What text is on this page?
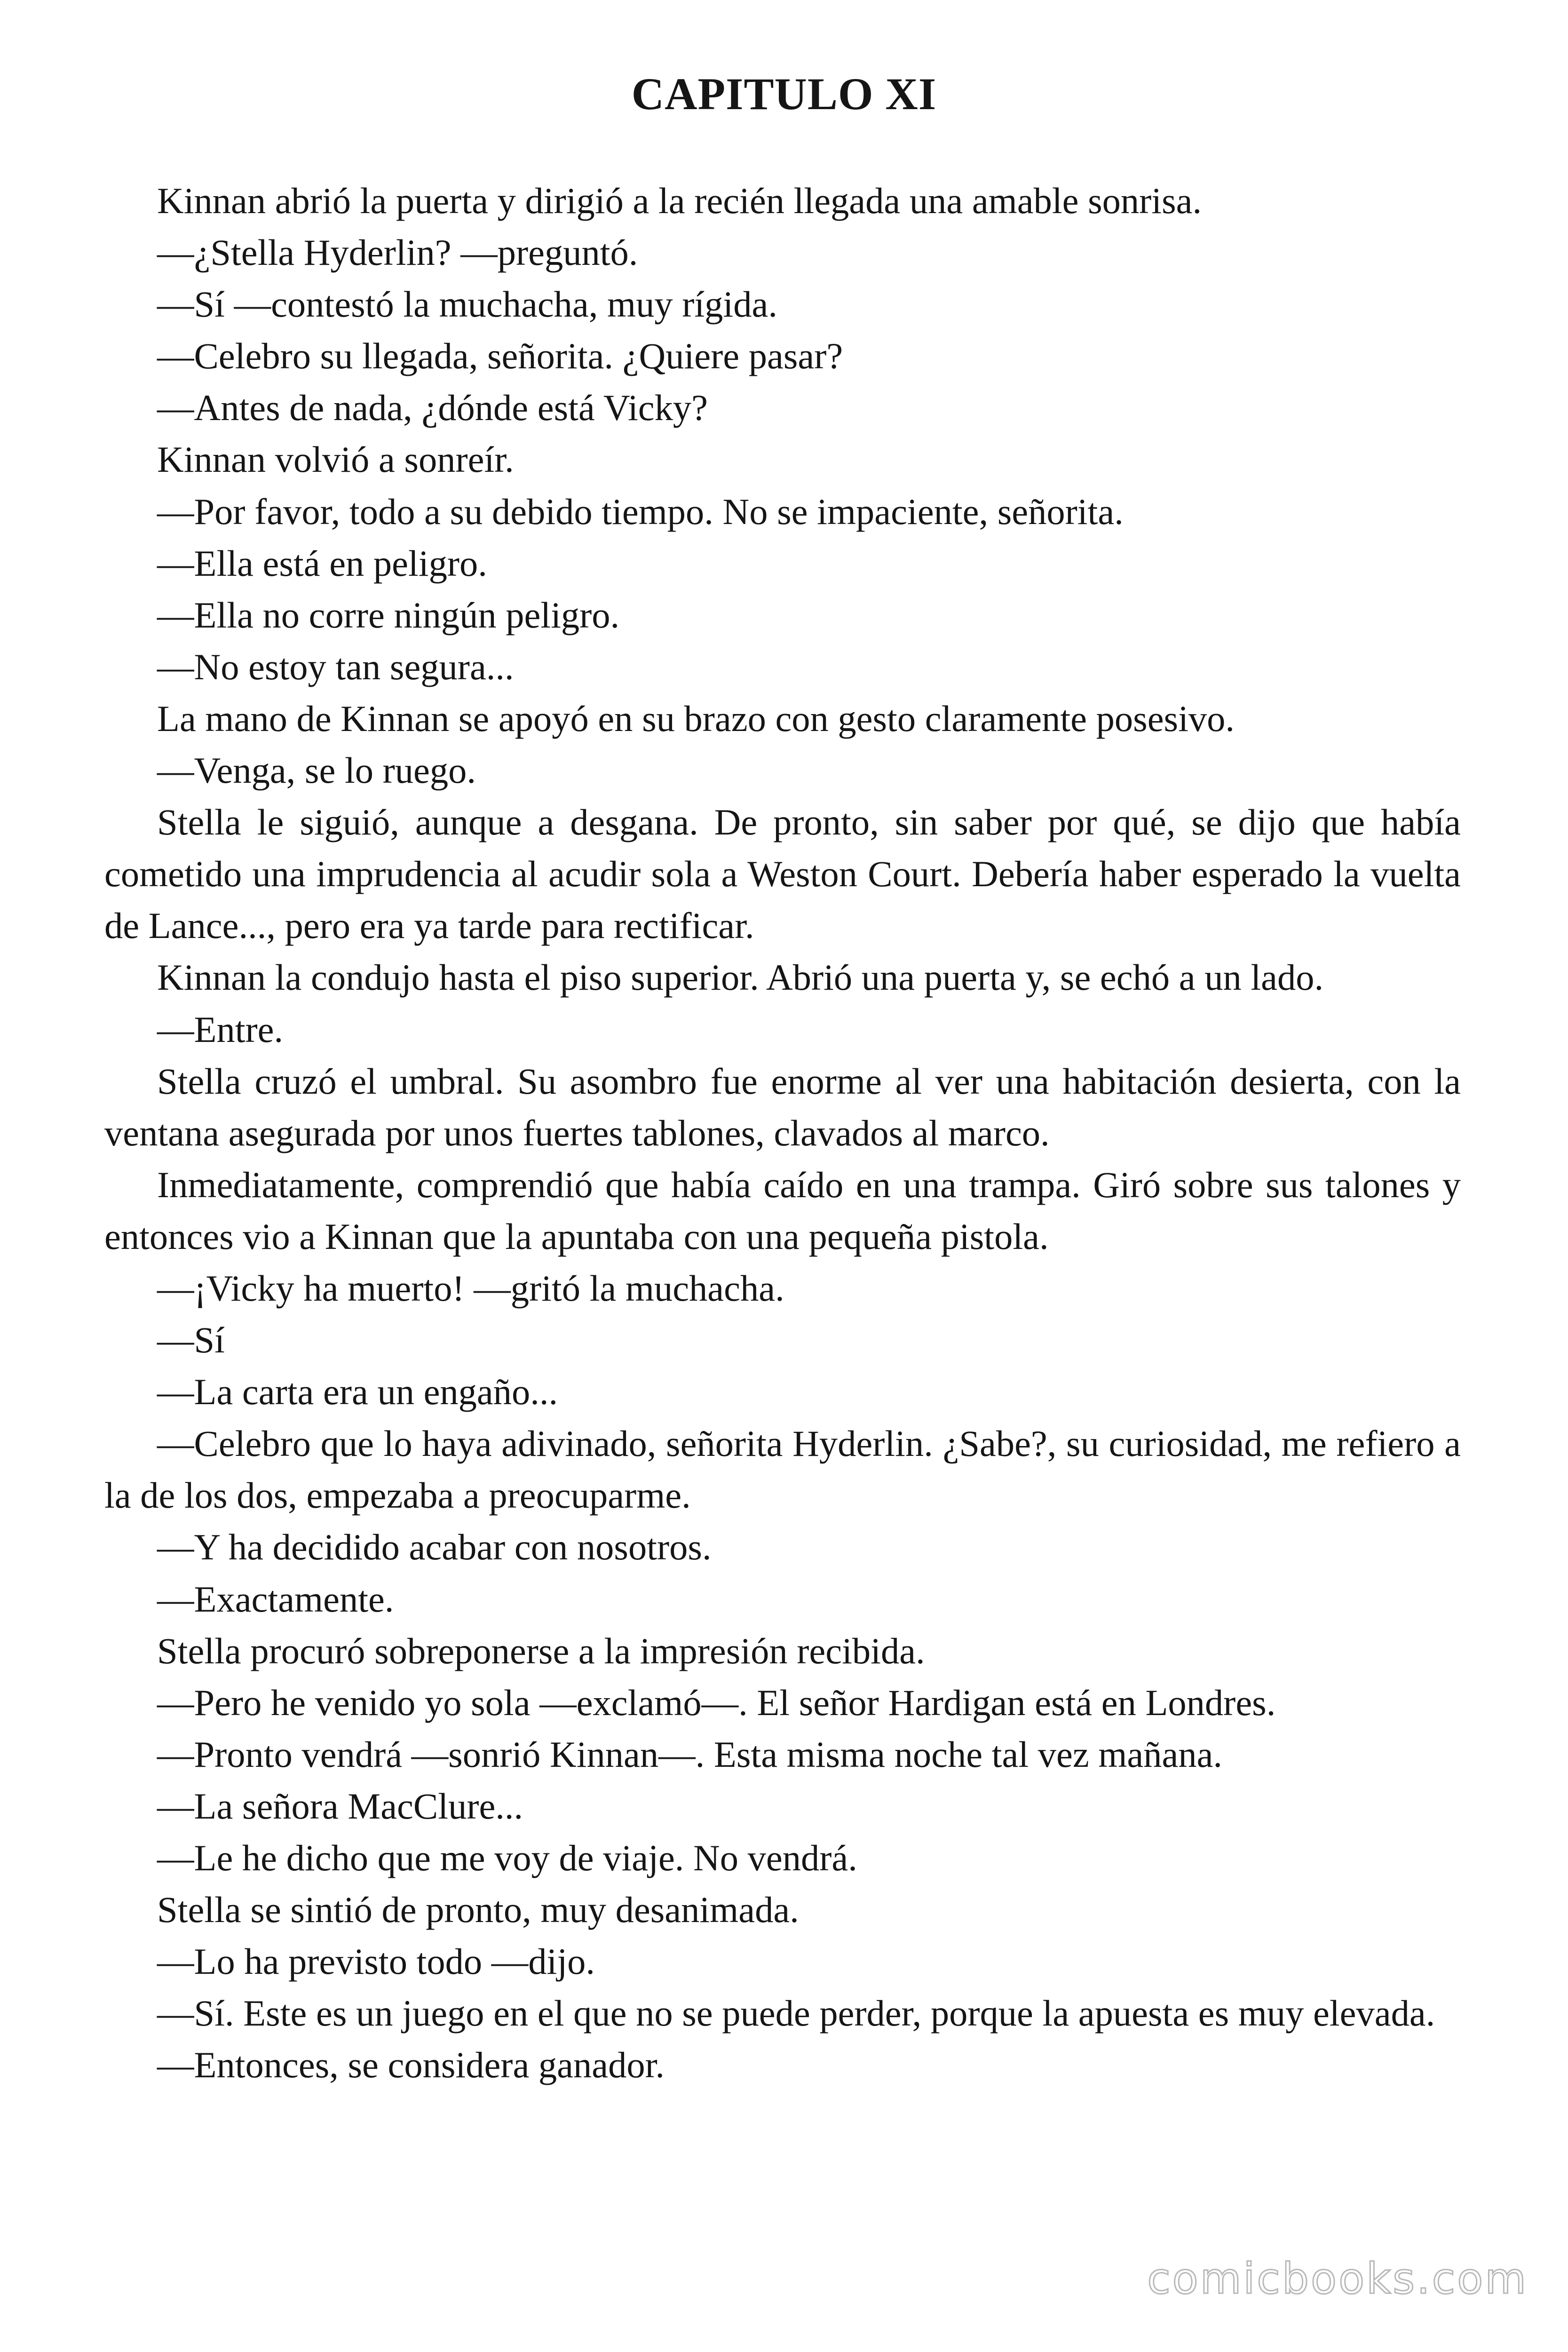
CAPITULO XI

Kinnan abrió la puerta y dirigió a la recién llegada una amable sonrisa.

—¿Stella Hyderlin? —preguntó.

—Sí —contestó la muchacha, muy rígida.

—Celebro su llegada, señorita. ¿Quiere pasar?

—Antes de nada, ¿dónde está Vicky?

Kinnan volvió a sonreír.

—Por favor, todo a su debido tiempo. No se impaciente, señorita.

—Ella está en peligro.

—Ella no corre ningún peligro.

—No estoy tan segura...

La mano de Kinnan se apoyó en su brazo con gesto claramente posesivo.

—Venga, se lo ruego.

Stella le siguió, aunque a desgana. De pronto, sin saber por qué, se dijo que había cometido una imprudencia al acudir sola a Weston Court. Debería haber esperado la vuelta de Lance..., pero era ya tarde para rectificar.

Kinnan la condujo hasta el piso superior. Abrió una puerta y, se echó a un lado.

—Entre.

Stella cruzó el umbral. Su asombro fue enorme al ver una habitación desierta, con la ventana asegurada por unos fuertes tablones, clavados al marco.

Inmediatamente, comprendió que había caído en una trampa. Giró sobre sus talones y entonces vio a Kinnan que la apuntaba con una pequeña pistola.

—¡Vicky ha muerto! —gritó la muchacha.

—Sí

—La carta era un engaño...

—Celebro que lo haya adivinado, señorita Hyderlin. ¿Sabe?, su curiosidad, me refiero a la de los dos, empezaba a preocuparme.

—Y ha decidido acabar con nosotros.

—Exactamente.

Stella procuró sobreponerse a la impresión recibida.

—Pero he venido yo sola —exclamó—. El señor Hardigan está en Londres.

—Pronto vendrá —sonrió Kinnan—. Esta misma noche tal vez mañana.

—La señora MacClure...

—Le he dicho que me voy de viaje. No vendrá.

Stella se sintió de pronto, muy desanimada.

—Lo ha previsto todo —dijo.

—Sí. Este es un juego en el que no se puede perder, porque la apuesta es muy elevada.

—Entonces, se considera ganador.

comicbooks.com
